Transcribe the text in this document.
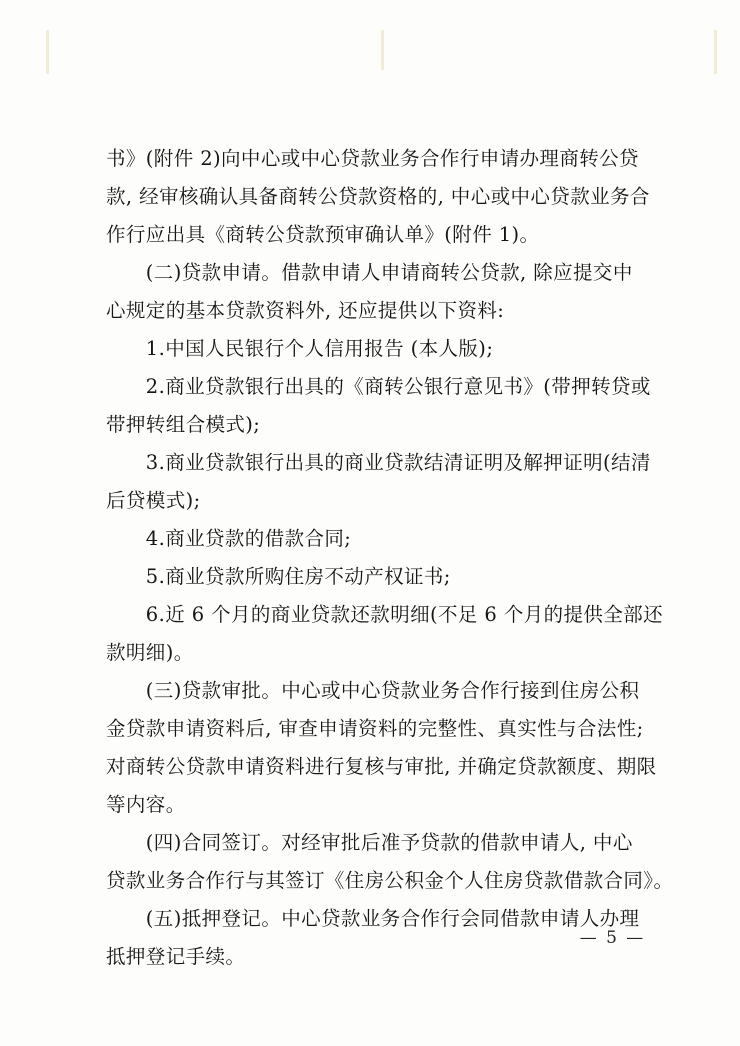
书》(附件 2)向中心或中心贷款业务合作行申请办理商转公贷

款, 经审核确认具备商转公贷款资格的, 中心或中心贷款业务合

作行应出具《商转公贷款预审确认单》(附件 1)。

　　(二)贷款申请。借款申请人申请商转公贷款, 除应提交中

心规定的基本贷款资料外, 还应提供以下资料:

　　1.中国人民银行个人信用报告 (本人版);

　　2.商业贷款银行出具的《商转公银行意见书》(带押转贷或

带押转组合模式);

　　3.商业贷款银行出具的商业贷款结清证明及解押证明(结清

后贷模式);

　　4.商业贷款的借款合同;

　　5.商业贷款所购住房不动产权证书;

　　6.近 6 个月的商业贷款还款明细(不足 6 个月的提供全部还

款明细)。

　　(三)贷款审批。中心或中心贷款业务合作行接到住房公积

金贷款申请资料后, 审查申请资料的完整性、真实性与合法性;

对商转公贷款申请资料进行复核与审批, 并确定贷款额度、期限

等内容。

　　(四)合同签订。对经审批后准予贷款的借款申请人, 中心

贷款业务合作行与其签订《住房公积金个人住房贷款借款合同》。

　　(五)抵押登记。中心贷款业务合作行会同借款申请人办理

抵押登记手续。

— 5 —
